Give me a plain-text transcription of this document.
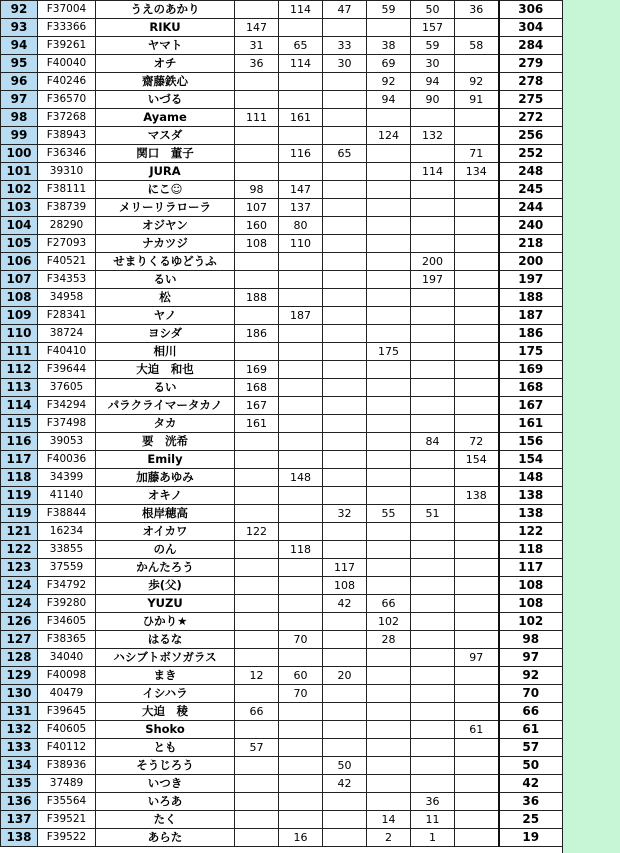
92	F37004	うえのあかり		114	47	59	50	36	306
93	F33366	RIKU	147				157		304
94	F39261	ヤマト	31	65	33	38	59	58	284
95	F40040	オチ	36	114	30	69	30		279
96	F40246	齋藤鉄心				92	94	92	278
97	F36570	いづる				94	90	91	275
98	F37268	Ayame	111	161					272
99	F38943	マスダ				124	132		256
100	F36346	関口　董子		116	65			71	252
101	39310	JURA					114	134	248
102	F38111	にこ☺	98	147					245
103	F38739	メリーリラローラ	107	137					244
104	28290	オジヤン	160	80					240
105	F27093	ナカツジ	108	110					218
106	F40521	せまりくるゆどうふ					200		200
107	F34353	るい					197		197
108	34958	松	188						188
109	F28341	ヤノ		187					187
110	38724	ヨシダ	186						186
111	F40410	相川				175			175
112	F39644	大迫　和也	169						169
113	37605	るい	168						168
114	F34294	パラクライマータカノ	167						167
115	F37498	タカ	161						161
116	39053	要　洸希					84	72	156
117	F40036	Emily						154	154
118	34399	加藤あゆみ		148					148
119	41140	オキノ						138	138
119	F38844	根岸穂高			32	55	51		138
121	16234	オイカワ	122						122
122	33855	のん		118					118
123	37559	かんたろう			117				117
124	F34792	歩(父)			108				108
124	F39280	YUZU			42	66			108
126	F34605	ひかり★				102			102
127	F38365	はるな		70		28			98
128	34040	ハシブトボソガラス						97	97
129	F40098	まき	12	60	20				92
130	40479	イシハラ		70					70
131	F39645	大迫　稜	66						66
132	F40605	Shoko						61	61
133	F40112	とも	57						57
134	F38936	そうじろう			50				50
135	37489	いつき			42				42
136	F35564	いろあ					36		36
137	F39521	たく				14	11		25
138	F39522	あらた		16		2	1		19
